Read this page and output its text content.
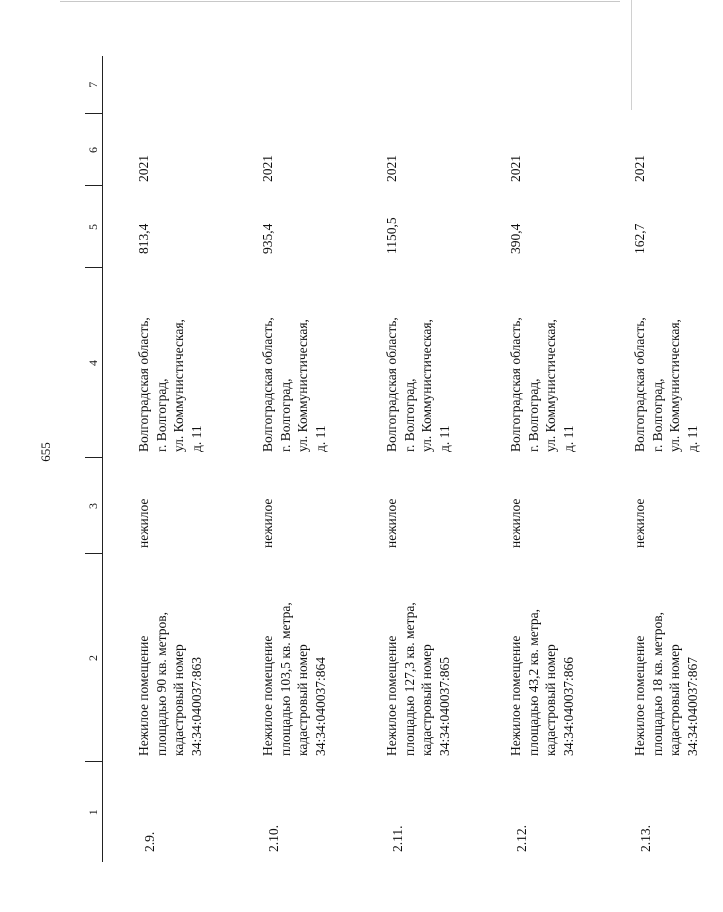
655
1	2	3	4	5	6	7
2.9.	Нежилое помещение площадью 90 кв. метров, кадастровый номер 34:34:040037:863	нежилое	Волгоградская область, г. Волгоград, ул. Коммунистическая, д. 11	813,4	2021	
2.10.	Нежилое помещение площадью 103,5 кв. метра, кадастровый номер 34:34:040037:864	нежилое	Волгоградская область, г. Волгоград, ул. Коммунистическая, д. 11	935,4	2021	
2.11.	Нежилое помещение площадью 127,3 кв. метра, кадастровый номер 34:34:040037:865	нежилое	Волгоградская область, г. Волгоград, ул. Коммунистическая, д. 11	1150,5	2021	
2.12.	Нежилое помещение площадью 43,2 кв. метра, кадастровый номер 34:34:040037:866	нежилое	Волгоградская область, г. Волгоград, ул. Коммунистическая, д. 11	390,4	2021	
2.13.	Нежилое помещение площадью 18 кв. метров, кадастровый номер 34:34:040037:867	нежилое	Волгоградская область, г. Волгоград, ул. Коммунистическая, д. 11	162,7	2021	
